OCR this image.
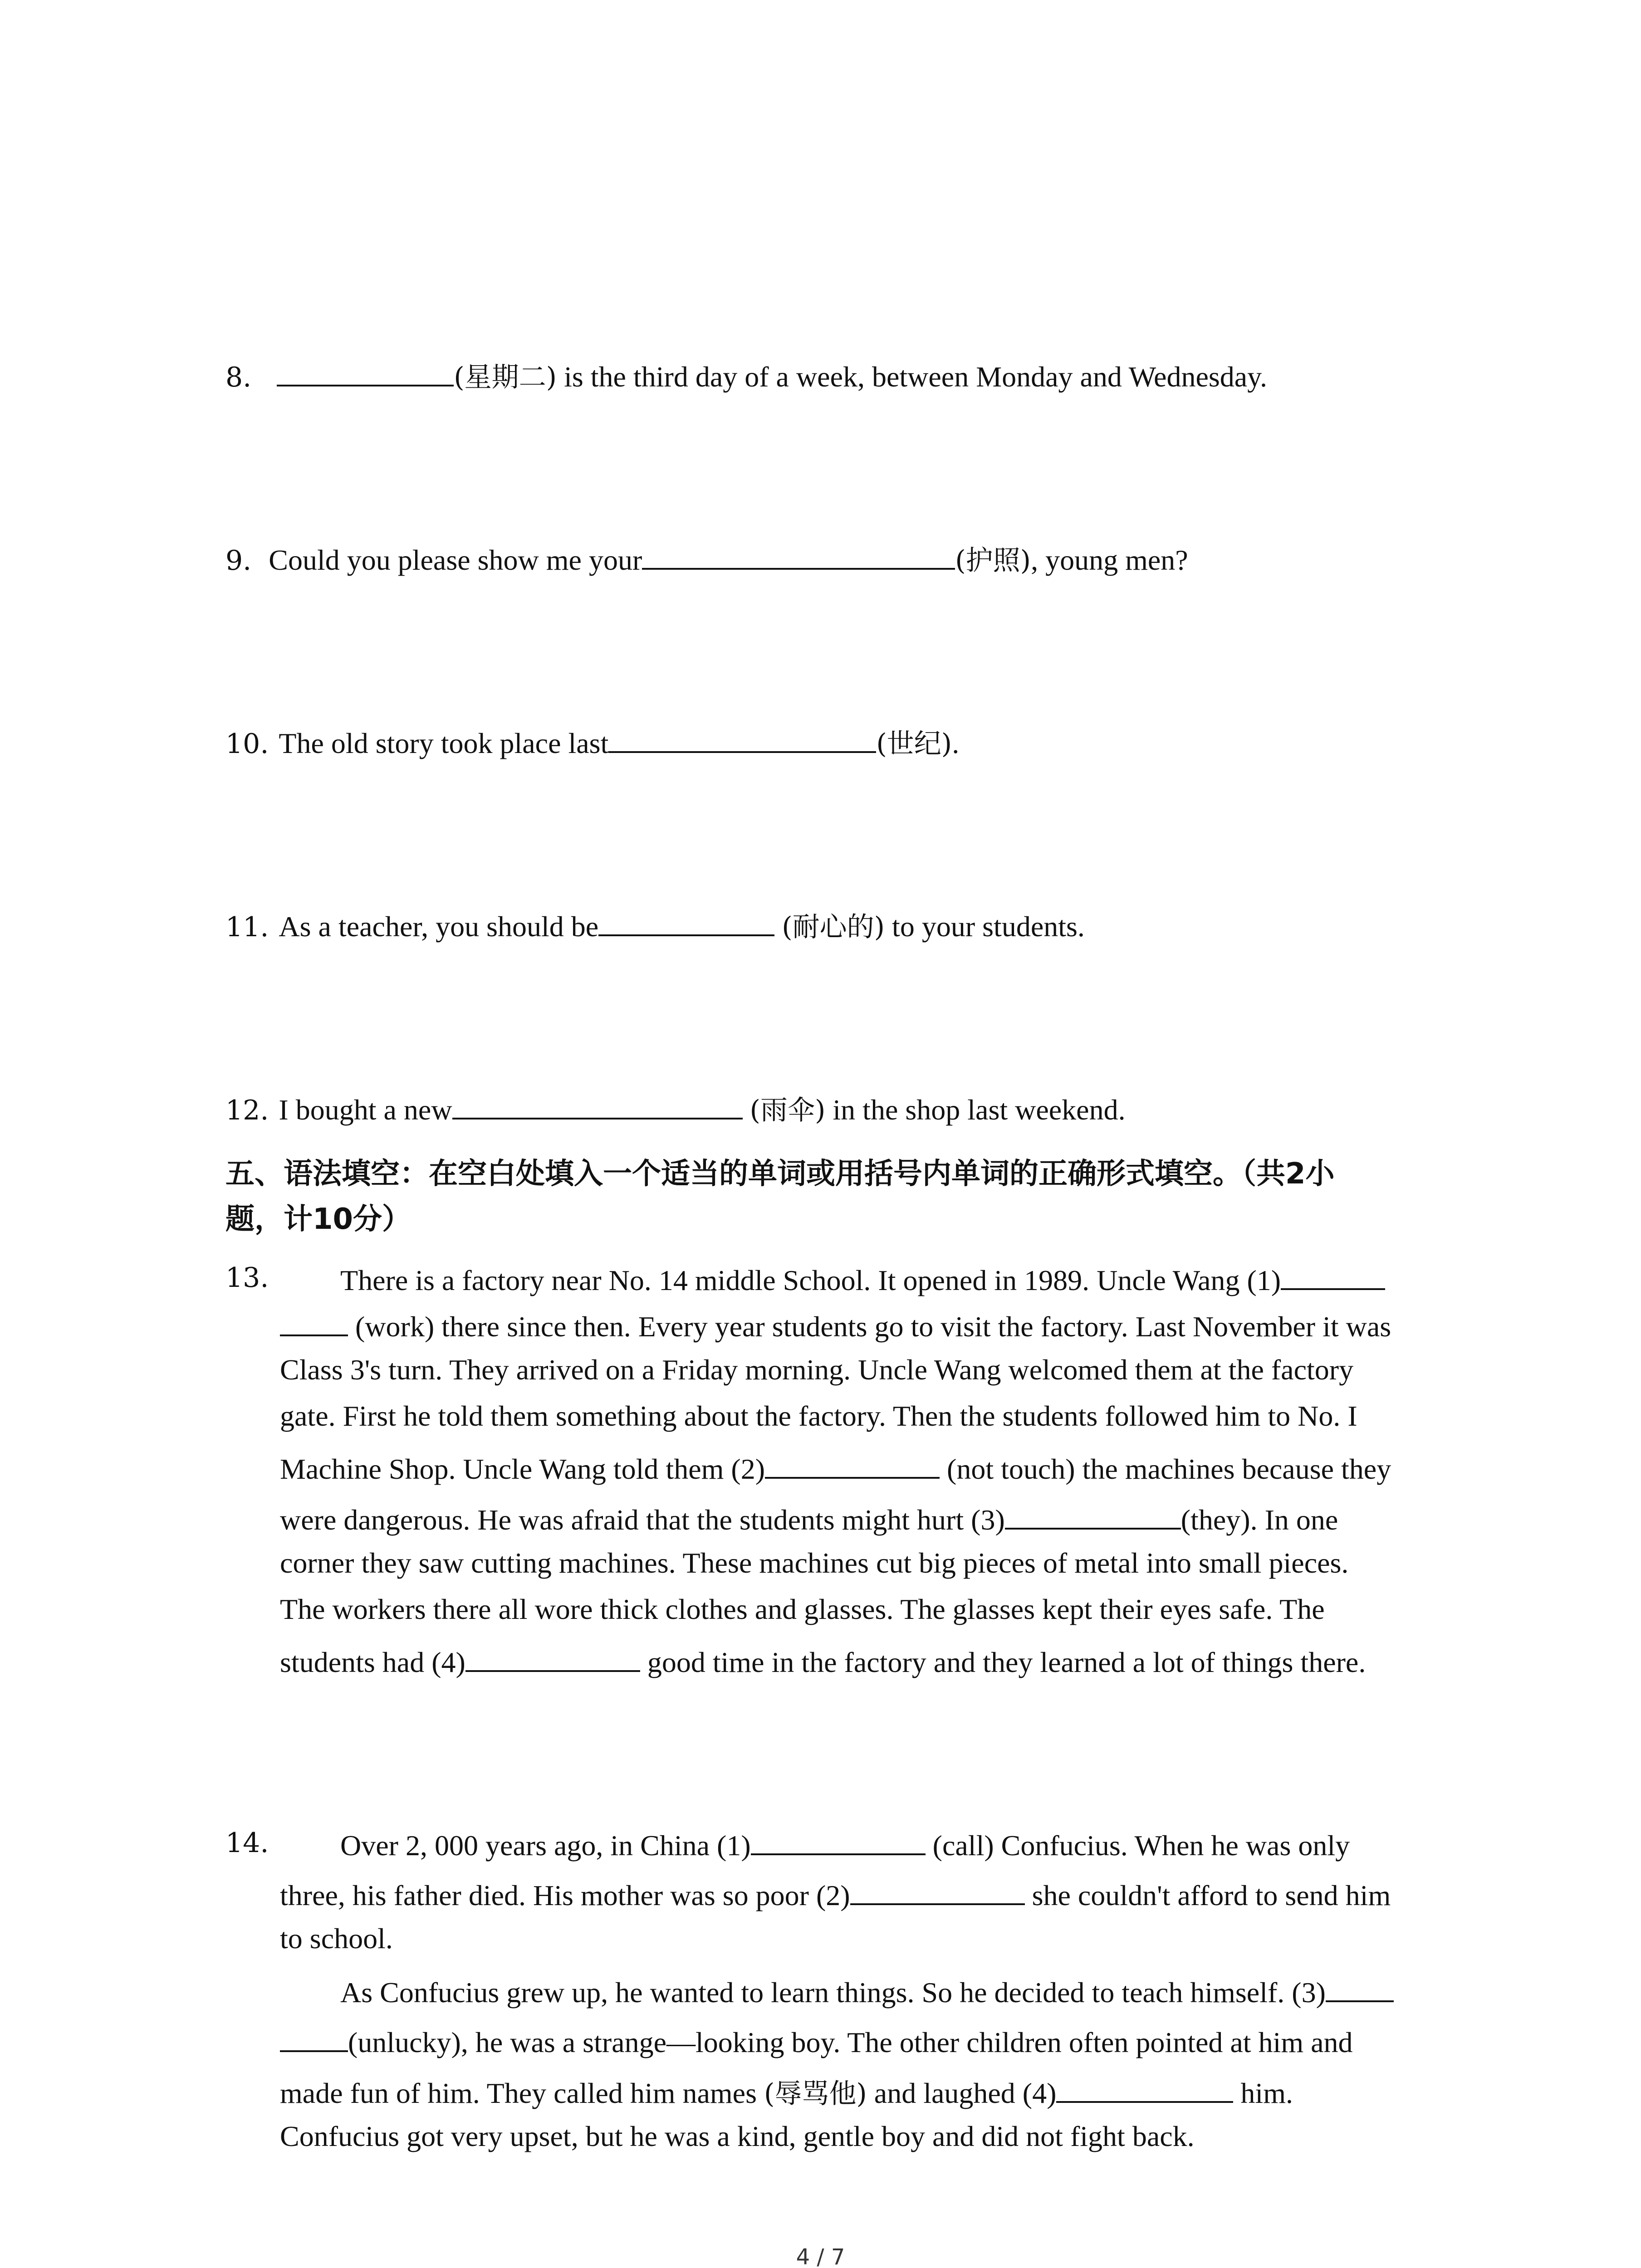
8.	(星期二) is the third day of a week, between Monday and Wednesday.
9. Could you please show me your	(护照), young men?
10. The old story took place last	(世纪).
11. As a teacher, you should be	(耐心的) to your students.
12. I bought a new	(雨伞) in the shop last weekend.
五、语法填空：在空白处填入一个适当的单词或用括号内单词的正确形式填空。（共2小
题，计10分）
13. There is a factory near No. 14 middle School. It opened in 1989. Uncle Wang (1)
(work) there since then. Every year students go to visit the factory. Last November it was
Class 3's turn. They arrived on a Friday morning. Uncle Wang welcomed them at the factory
gate. First he told them something about the factory. Then the students followed him to No. I
Machine Shop. Uncle Wang told them (2)	(not touch) the machines because they
were dangerous. He was afraid that the students might hurt (3)	(they). In one
corner they saw cutting machines. These machines cut big pieces of metal into small pieces.
The workers there all wore thick clothes and glasses. The glasses kept their eyes safe. The
students had (4)	good time in the factory and they learned a lot of things there.
14. Over 2, 000 years ago, in China (1)	(call) Confucius. When he was only
three, his father died. His mother was so poor (2)	she couldn't afford to send him
to school.
As Confucius grew up, he wanted to learn things. So he decided to teach himself. (3)
(unlucky), he was a strange—looking boy. The other children often pointed at him and
made fun of him. They called him names (辱骂他) and laughed (4)	him.
Confucius got very upset, but he was a kind, gentle boy and did not fight back.
4 / 7
